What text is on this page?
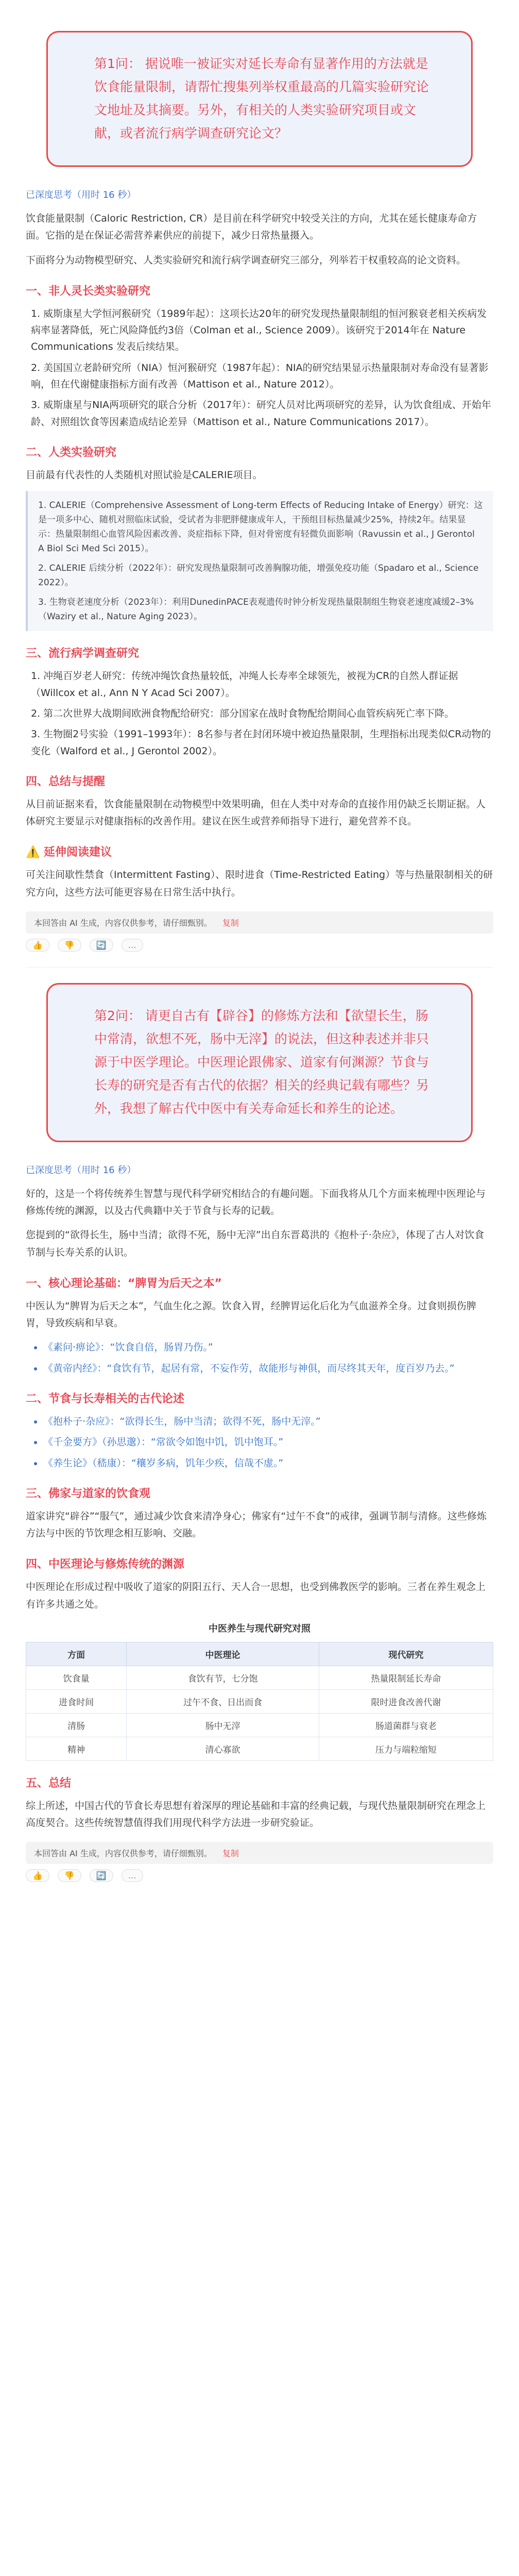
第1问： 据说唯一被证实对延长寿命有显著作用的方法就是饮食能量限制，请帮忙搜集列举权重最高的几篇实验研究论文地址及其摘要。另外，有相关的人类实验研究项目或文献，或者流行病学调查研究论文？
已深度思考（用时 16 秒）

饮食能量限制（Caloric Restriction, CR）是目前在科学研究中较受关注的方向，尤其在延长健康寿命方面。它指的是在保证必需营养素供应的前提下，减少日常热量摄入。

下面将分为动物模型研究、人类实验研究和流行病学调查研究三部分，列举若干权重较高的论文资料。

一、非人灵长类实验研究
1. 威斯康星大学恒河猴研究（1989年起）：这项长达20年的研究发现热量限制组的恒河猴衰老相关疾病发病率显著降低，死亡风险降低约3倍（Colman et al., Science 2009）。该研究于2014年在 Nature Communications 发表后续结果。
2. 美国国立老龄研究所（NIA）恒河猴研究（1987年起）：NIA的研究结果显示热量限制对寿命没有显著影响，但在代谢健康指标方面有改善（Mattison et al., Nature 2012）。
3. 威斯康星与NIA两项研究的联合分析（2017年）：研究人员对比两项研究的差异，认为饮食组成、开始年龄、对照组饮食等因素造成结论差异（Mattison et al., Nature Communications 2017）。
二、人类实验研究

目前最有代表性的人类随机对照试验是CALERIE项目。

1. CALERIE（Comprehensive Assessment of Long-term Effects of Reducing Intake of Energy）研究：这是一项多中心、随机对照临床试验，受试者为非肥胖健康成年人，干预组目标热量减少25%，持续2年。结果显示：热量限制组心血管风险因素改善、炎症指标下降，但对骨密度有轻微负面影响（Ravussin et al., J Gerontol A Biol Sci Med Sci 2015）。
2. CALERIE 后续分析（2022年）：研究发现热量限制可改善胸腺功能，增强免疫功能（Spadaro et al., Science 2022）。
3. 生物衰老速度分析（2023年）：利用DunedinPACE表观遗传时钟分析发现热量限制组生物衰老速度减缓2–3%（Waziry et al., Nature Aging 2023）。
三、流行病学调查研究
1. 冲绳百岁老人研究：传统冲绳饮食热量较低，冲绳人长寿率全球领先，被视为CR的自然人群证据（Willcox et al., Ann N Y Acad Sci 2007）。
2. 第二次世界大战期间欧洲食物配给研究：部分国家在战时食物配给期间心血管疾病死亡率下降。
3. 生物圈2号实验（1991–1993年）：8名参与者在封闭环境中被迫热量限制，生理指标出现类似CR动物的变化（Walford et al., J Gerontol 2002）。
四、总结与提醒

从目前证据来看，饮食能量限制在动物模型中效果明确，但在人类中对寿命的直接作用仍缺乏长期证据。人体研究主要显示对健康指标的改善作用。建议在医生或营养师指导下进行，避免营养不良。

⚠️ 延伸阅读建议

可关注间歇性禁食（Intermittent Fasting）、限时进食（Time-Restricted Eating）等与热量限制相关的研究方向，这些方法可能更容易在日常生活中执行。

本回答由 AI 生成，内容仅供参考，请仔细甄别。 复制
👍	👎	🔄	…
第2问： 请更自古有【辟谷】的修炼方法和【欲望长生，肠中常清，欲想不死，肠中无滓】的说法，但这种表述并非只源于中医学理论。中医理论跟佛家、道家有何渊源？节食与长寿的研究是否有古代的依据？相关的经典记载有哪些？另外，我想了解古代中医中有关寿命延长和养生的论述。
已深度思考（用时 16 秒）

好的，这是一个将传统养生智慧与现代科学研究相结合的有趣问题。下面我将从几个方面来梳理中医理论与修炼传统的渊源，以及古代典籍中关于节食与长寿的记载。

您提到的“欲得长生，肠中当清；欲得不死，肠中无滓”出自东晋葛洪的《抱朴子·杂应》，体现了古人对饮食节制与长寿关系的认识。

一、核心理论基础：“脾胃为后天之本”

中医认为“脾胃为后天之本”，气血生化之源。饮食入胃，经脾胃运化后化为气血滋养全身。过食则损伤脾胃，导致疾病和早衰。

• 《素问·痹论》：“饮食自倍，肠胃乃伤。”
• 《黄帝内经》：“食饮有节，起居有常，不妄作劳，故能形与神俱，而尽终其天年，度百岁乃去。”
二、节食与长寿相关的古代论述
• 《抱朴子·杂应》：“欲得长生，肠中当清；欲得不死，肠中无滓。”
• 《千金要方》（孙思邈）：“常欲令如饱中饥，饥中饱耳。”
• 《养生论》（嵇康）：“穰岁多病，饥年少疾，信哉不虚。”
三、佛家与道家的饮食观

道家讲究“辟谷”“服气”，通过减少饮食来清净身心；佛家有“过午不食”的戒律，强调节制与清修。这些修炼方法与中医的节饮理念相互影响、交融。

四、中医理论与修炼传统的渊源

中医理论在形成过程中吸收了道家的阴阳五行、天人合一思想，也受到佛教医学的影响。三者在养生观念上有许多共通之处。

中医养生与现代研究对照
方面	中医理论	现代研究
饮食量	食饮有节，七分饱	热量限制延长寿命
进食时间	过午不食、日出而食	限时进食改善代谢
清肠	肠中无滓	肠道菌群与衰老
精神	清心寡欲	压力与端粒缩短
五、总结

综上所述，中国古代的节食长寿思想有着深厚的理论基础和丰富的经典记载，与现代热量限制研究在理念上高度契合。这些传统智慧值得我们用现代科学方法进一步研究验证。

本回答由 AI 生成，内容仅供参考，请仔细甄别。 复制
👍	👎	🔄	…
